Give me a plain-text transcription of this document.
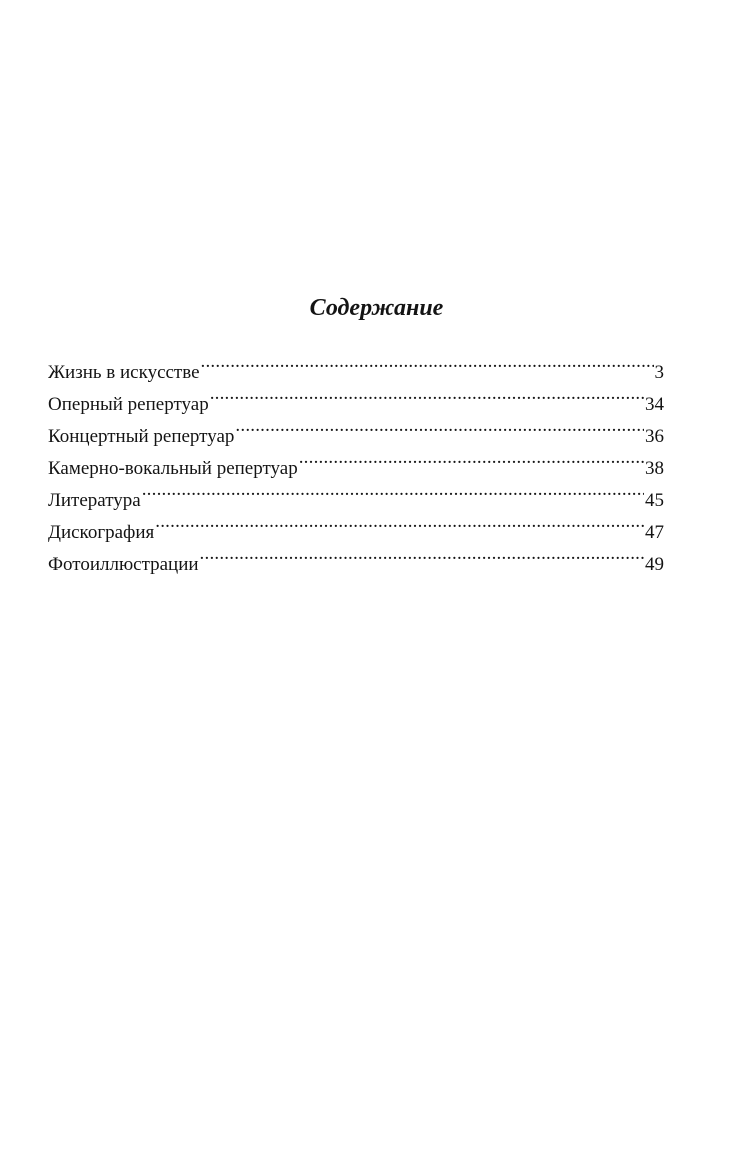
Содержание
Жизнь в искусстве .....	3
Оперный репертуар .....	34
Концертный репертуар .....	36
Камерно-вокальный репертуар .....	38
Литература .....	45
Дискография .....	47
Фотоиллюстрации .....	49
